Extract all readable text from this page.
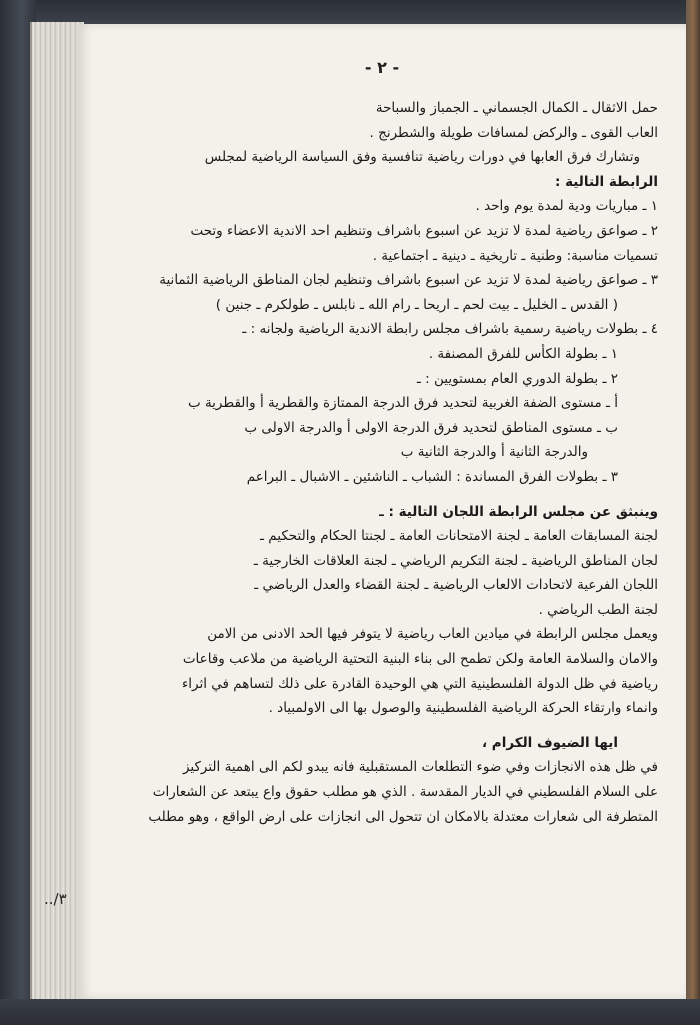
- ٢ -
حمل الاثقال ـ الكمال الجسماني ـ الجمباز والسباحة
العاب القوى ـ والركض لمسافات طويلة والشطرنج .
وتشارك فرق العابها في دورات رياضية تنافسية وفق السياسة الرياضية لمجلس
الرابطة التالية :
١ ـ مباريات ودية لمدة يوم واحد .
٢ ـ صواعق رياضية لمدة لا تزيد عن اسبوع باشراف وتنظيم احد الاندية الاعضاء وتحت
تسميات مناسبة: وطنية ـ تاريخية ـ دينية ـ اجتماعية .
٣ ـ صواعق رياضية لمدة لا تزيد عن اسبوع باشراف وتنظيم لجان المناطق الرياضية الثمانية
( القدس ـ الخليل ـ بيت لحم ـ اريحا ـ رام الله ـ نابلس ـ طولكرم ـ جنين )
٤ ـ بطولات رياضية رسمية باشراف مجلس رابطة الاندية الرياضية ولجانه : ـ
١ ـ بطولة الكأس للفرق المصنفة .
٢ ـ بطولة الدوري العام بمستويين : ـ
أ ـ مستوى الضفة الغربية لتحديد فرق الدرجة الممتازة والقطرية أ والقطرية ب
ب ـ مستوى المناطق لتحديد فرق الدرجة الاولى أ والدرجة الاولى ب
والدرجة الثانية أ والدرجة الثانية ب
٣ ـ بطولات الفرق المساندة : الشباب ـ الناشئين ـ الاشبال ـ البراعم
وينبثق عن مجلس الرابطة اللجان التالية : ـ
لجنة المسابقات العامة ـ لجنة الامتحانات العامة ـ لجنتا الحكام والتحكيم ـ
لجان المناطق الرياضية ـ لجنة التكريم الرياضي ـ لجنة العلاقات الخارجية ـ
اللجان الفرعية لاتحادات الالعاب الرياضية ـ لجنة القضاء والعدل الرياضي ـ
لجنة الطب الرياضي .
ويعمل مجلس الرابطة في ميادين العاب رياضية لا يتوفر فيها الحد الادنى من الامن
والامان والسلامة العامة ولكن تطمح الى بناء البنية التحتية الرياضية من ملاعب وقاعات
رياضية في ظل الدولة الفلسطينية التي هي الوحيدة القادرة على ذلك لتساهم في اثراء
وانماء وارتقاء الحركة الرياضية الفلسطينية والوصول بها الى الاولمبياد .
ايها الضيوف الكرام ،
في ظل هذه الانجازات وفي ضوء التطلعات المستقبلية فانه يبدو لكم الى اهمية التركيز
على السلام الفلسطيني في الديار المقدسة . الذي هو مطلب حقوق واع يبتعد عن الشعارات
المتطرفة الى شعارات معتدلة بالامكان ان تتحول الى انجازات على ارض الواقع ، وهو مطلب
٣/..
